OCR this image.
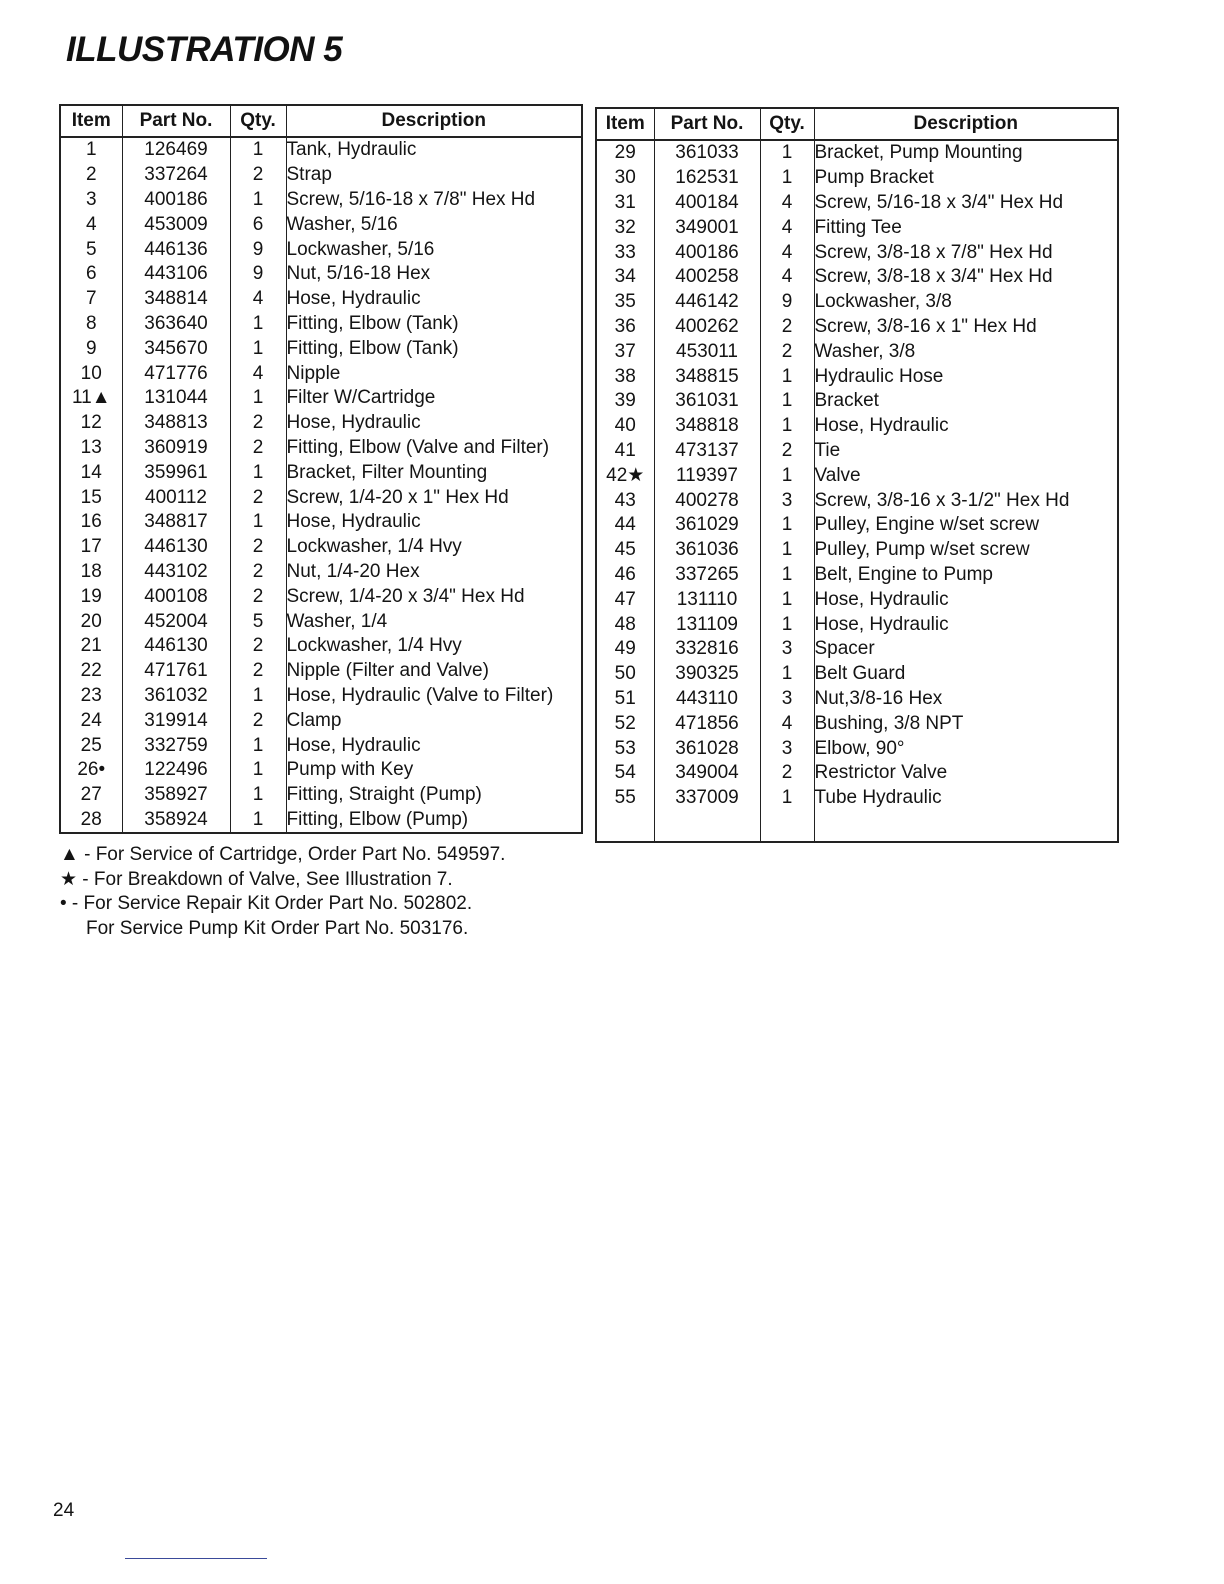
ILLUSTRATION 5
Item	Part No.	Qty.	Description
1	126469	1	Tank, Hydraulic
2	337264	2	Strap
3	400186	1	Screw, 5/16-18 x 7/8" Hex Hd
4	453009	6	Washer, 5/16
5	446136	9	Lockwasher, 5/16
6	443106	9	Nut, 5/16-18 Hex
7	348814	4	Hose, Hydraulic
8	363640	1	Fitting, Elbow (Tank)
9	345670	1	Fitting, Elbow (Tank)
10	471776	4	Nipple
11▲	131044	1	Filter W/Cartridge
12	348813	2	Hose, Hydraulic
13	360919	2	Fitting, Elbow (Valve and Filter)
14	359961	1	Bracket, Filter Mounting
15	400112	2	Screw, 1/4-20 x 1" Hex Hd
16	348817	1	Hose, Hydraulic
17	446130	2	Lockwasher, 1/4 Hvy
18	443102	2	Nut, 1/4-20 Hex
19	400108	2	Screw, 1/4-20 x 3/4" Hex Hd
20	452004	5	Washer, 1/4
21	446130	2	Lockwasher, 1/4 Hvy
22	471761	2	Nipple (Filter and Valve)
23	361032	1	Hose, Hydraulic (Valve to Filter)
24	319914	2	Clamp
25	332759	1	Hose, Hydraulic
26•	122496	1	Pump with Key
27	358927	1	Fitting, Straight (Pump)
28	358924	1	Fitting, Elbow (Pump)
Item	Part No.	Qty.	Description
29	361033	1	Bracket, Pump Mounting
30	162531	1	Pump Bracket
31	400184	4	Screw, 5/16-18 x 3/4" Hex Hd
32	349001	4	Fitting Tee
33	400186	4	Screw, 3/8-18 x 7/8" Hex Hd
34	400258	4	Screw, 3/8-18 x 3/4" Hex Hd
35	446142	9	Lockwasher, 3/8
36	400262	2	Screw, 3/8-16 x 1" Hex Hd
37	453011	2	Washer, 3/8
38	348815	1	Hydraulic Hose
39	361031	1	Bracket
40	348818	1	Hose, Hydraulic
41	473137	2	Tie
42★	119397	1	Valve
43	400278	3	Screw, 3/8-16 x 3-1/2" Hex Hd
44	361029	1	Pulley, Engine w/set screw
45	361036	1	Pulley, Pump w/set screw
46	337265	1	Belt, Engine to Pump
47	131110	1	Hose, Hydraulic
48	131109	1	Hose, Hydraulic
49	332816	3	Spacer
50	390325	1	Belt Guard
51	443110	3	Nut,3/8-16 Hex
52	471856	4	Bushing, 3/8 NPT
53	361028	3	Elbow, 90°
54	349004	2	Restrictor Valve
55	337009	1	Tube Hydraulic

▲ - For Service of Cartridge, Order Part No. 549597.
★ - For Breakdown of Valve, See Illustration 7.
• - For Service Repair Kit Order Part No. 502802.
For Service Pump Kit Order Part No. 503176.
24
